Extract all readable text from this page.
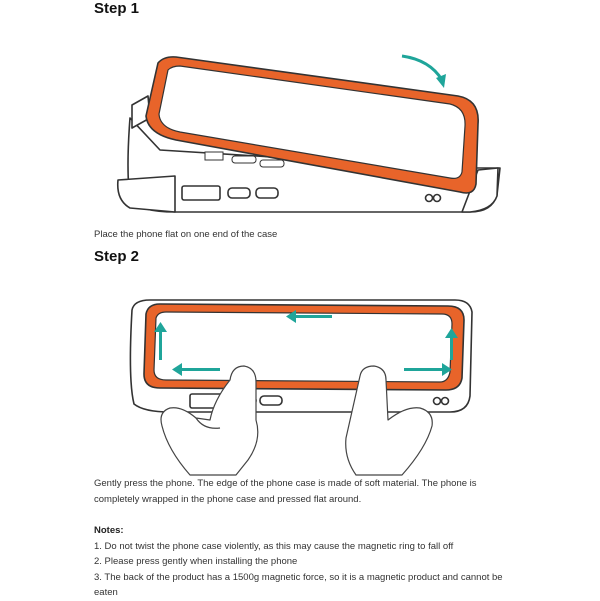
Step 1
Place the phone flat on one end of the case
Step 2
Gently press the phone. The edge of the phone case is made of soft material. The phone is
completely wrapped in the phone case and pressed flat around.
Notes:
1. Do not twist the phone case violently, as this may cause the magnetic ring to fall off
2. Please press gently when installing the phone
3. The back of the product has a 1500g magnetic force, so it is a magnetic product and cannot be
eaten
